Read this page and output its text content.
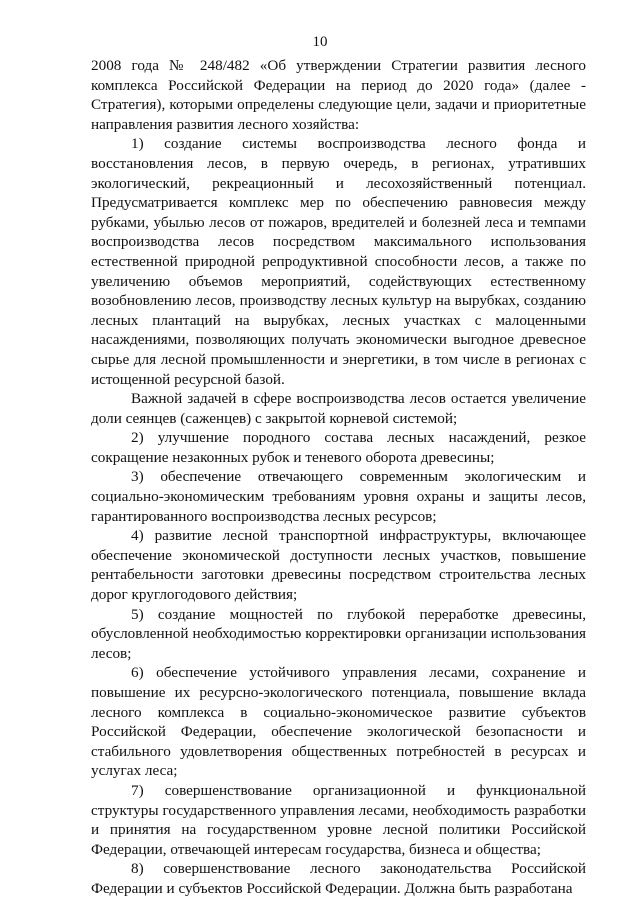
10

2008 года № 248/482 «Об утверждении Стратегии развития лесного комплекса Российской Федерации на период до 2020 года» (далее - Стратегия), которыми определены следующие цели, задачи и приоритетные направления развития лесного хозяйства:

1) создание системы воспроизводства лесного фонда и восстановления лесов, в первую очередь, в регионах, утративших экологический, рекреационный и лесохозяйственный потенциал. Предусматривается комплекс мер по обеспечению равновесия между рубками, убылью лесов от пожаров, вредителей и болезней леса и темпами воспроизводства лесов посредством максимального использования естественной природной репродуктивной способности лесов, а также по увеличению объемов мероприятий, содействующих естественному возобновлению лесов, производству лесных культур на вырубках, созданию лесных плантаций на вырубках, лесных участках с малоценными насаждениями, позволяющих получать экономически выгодное древесное сырье для лесной промышленности и энергетики, в том числе в регионах с истощенной ресурсной базой.

Важной задачей в сфере воспроизводства лесов остается увеличение доли сеянцев (саженцев) с закрытой корневой системой;

2) улучшение породного состава лесных насаждений, резкое сокращение незаконных рубок и теневого оборота древесины;

3) обеспечение отвечающего современным экологическим и социально-экономическим требованиям уровня охраны и защиты лесов, гарантированного воспроизводства лесных ресурсов;

4) развитие лесной транспортной инфраструктуры, включающее обеспечение экономической доступности лесных участков, повышение рентабельности заготовки древесины посредством строительства лесных дорог круглогодового действия;

5) создание мощностей по глубокой переработке древесины, обусловленной необходимостью корректировки организации использования лесов;

6) обеспечение устойчивого управления лесами, сохранение и повышение их ресурсно-экологического потенциала, повышение вклада лесного комплекса в социально-экономическое развитие субъектов Российской Федерации, обеспечение экологической безопасности и стабильного удовлетворения общественных потребностей в ресурсах и услугах леса;

7) совершенствование организационной и функциональной структуры государственного управления лесами, необходимость разработки и принятия на государственном уровне лесной политики Российской Федерации, отвечающей интересам государства, бизнеса и общества;

8) совершенствование лесного законодательства Российской Федерации и субъектов Российской Федерации. Должна быть разработана
